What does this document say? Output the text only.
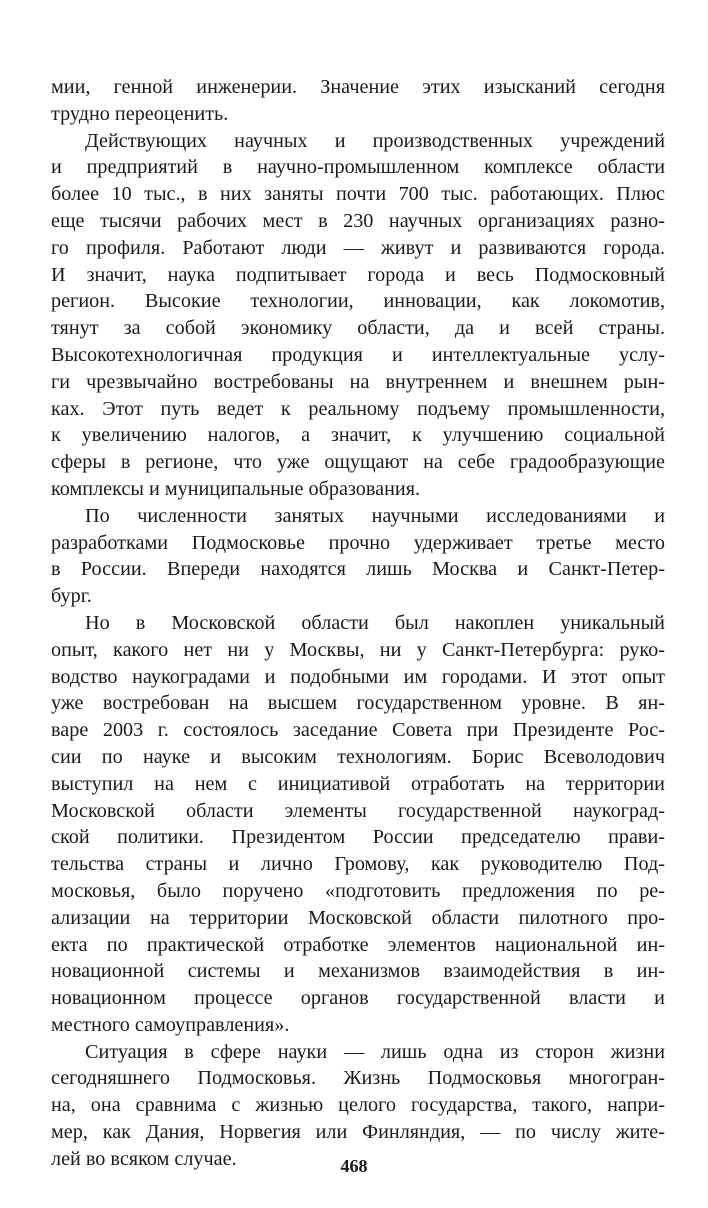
мии, генной инженерии. Значение этих изысканий сегодня
трудно переоценить.
Действующих научных и производственных учреждений
и предприятий в научно-промышленном комплексе области
более 10 тыс., в них заняты почти 700 тыс. работающих. Плюс
еще тысячи рабочих мест в 230 научных организациях разно-
го профиля. Работают люди — живут и развиваются города.
И значит, наука подпитывает города и весь Подмосковный
регион. Высокие технологии, инновации, как локомотив,
тянут за собой экономику области, да и всей страны.
Высокотехнологичная продукция и интеллектуальные услу-
ги чрезвычайно востребованы на внутреннем и внешнем рын-
ках. Этот путь ведет к реальному подъему промышленности,
к увеличению налогов, а значит, к улучшению социальной
сферы в регионе, что уже ощущают на себе градообразующие
комплексы и муниципальные образования.
По численности занятых научными исследованиями и
разработками Подмосковье прочно удерживает третье место
в России. Впереди находятся лишь Москва и Санкт-Петер-
бург.
Но в Московской области был накоплен уникальный
опыт, какого нет ни у Москвы, ни у Санкт-Петербурга: руко-
водство наукоградами и подобными им городами. И этот опыт
уже востребован на высшем государственном уровне. В ян-
варе 2003 г. состоялось заседание Совета при Президенте Рос-
сии по науке и высоким технологиям. Борис Всеволодович
выступил на нем с инициативой отработать на территории
Московской области элементы государственной наукоград-
ской политики. Президентом России председателю прави-
тельства страны и лично Громову, как руководителю Под-
московья, было поручено «подготовить предложения по ре-
ализации на территории Московской области пилотного про-
екта по практической отработке элементов национальной ин-
новационной системы и механизмов взаимодействия в ин-
новационном процессе органов государственной власти и
местного самоуправления».
Ситуация в сфере науки — лишь одна из сторон жизни
сегодняшнего Подмосковья. Жизнь Подмосковья многогран-
на, она сравнима с жизнью целого государства, такого, напри-
мер, как Дания, Норвегия или Финляндия, — по числу жите-
лей во всяком случае.	468
